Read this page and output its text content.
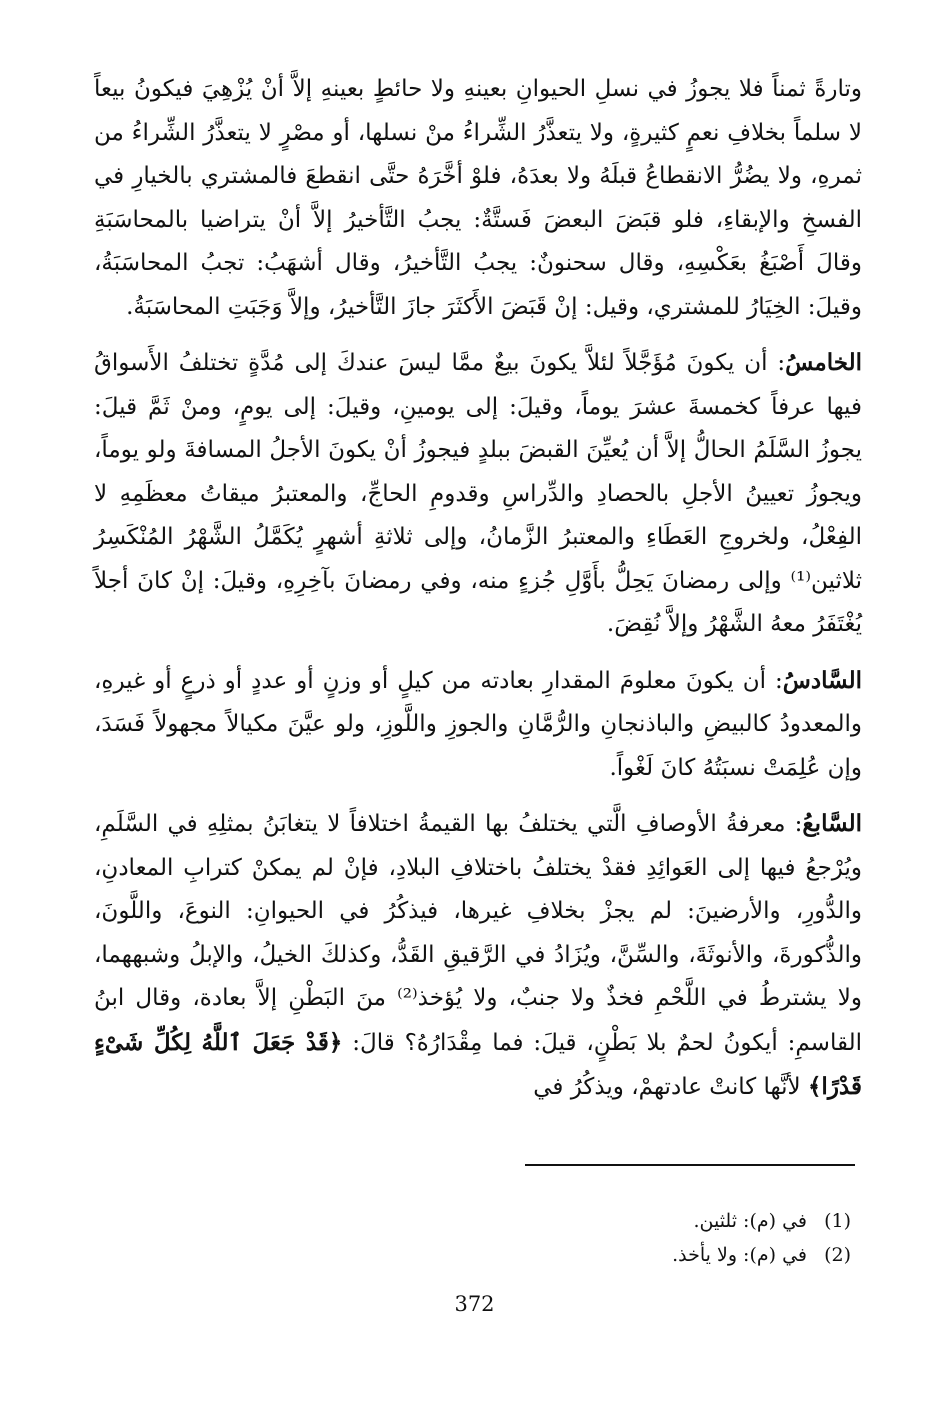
وتارةً ثمناً فلا يجوزُ في نسلِ الحيوانِ بعينهِ ولا حائطٍ بعينهِ إلاَّ أنْ يُزْهِيَ فيكونُ بيعاً لا سلماً بخلافِ نعمٍ كثيرةٍ، ولا يتعذَّرُ الشِّراءُ منْ نسلها، أو مصْرٍ لا يتعذَّرُ الشِّراءُ من ثمرهِ، ولا يضُرُّ الانقطاعُ قبلَهُ ولا بعدَهُ، فلوْ أخَّرَهُ حتَّى انقطعَ فالمشتري بالخيارِ في الفسخِ والإبقاءِ، فلو قبَضَ البعضَ فَستَّةٌ: يجبُ التَّأخيرُ إلاَّ أنْ يتراضيا بالمحاسَبَةِ وقالَ أَصْبَغُ بعَكْسِهِ، وقال سحنونٌ: يجبُ التَّأخيرُ، وقال أشهَبُ: تجبُ المحاسَبَةُ، وقيلَ: الخِيَارُ للمشتري، وقيل: إنْ قَبَضَ الأَكثَرَ جازَ التَّأخيرُ، وإلاَّ وَجَبَتِ المحاسَبَةُ.

الخامسُ: أن يكونَ مُؤَجَّلاً لئلاَّ يكونَ بيعٌ ممَّا ليسَ عندكَ إلى مُدَّةٍ تختلفُ الأَسواقُ فيها عرفاً كخمسةَ عشرَ يوماً، وقيلَ: إلى يومينِ، وقيلَ: إلى يومٍ، ومنْ ثَمَّ قيلَ: يجوزُ السَّلَمُ الحالُّ إلاَّ أن يُعيِّنَ القبضَ ببلدٍ فيجوزُ أنْ يكونَ الأجلُ المسافةَ ولو يوماً، ويجوزُ تعيينُ الأجلِ بالحصادِ والدِّراسِ وقدومِ الحاجِّ، والمعتبرُ ميقاتُ معظَمِهِ لا الفِعْلُ، ولخروجِ العَطَاءِ والمعتبرُ الزَّمانُ، وإلى ثلاثةِ أشهرٍ يُكَمَّلُ الشَّهْرُ المُنْكَسِرُ ثلاثين⁽¹⁾ وإلى رمضانَ يَحِلُّ بأَوَّلِ جُزءٍ منه، وفي رمضانَ بآخِرِهِ، وقيلَ: إنْ كانَ أجلاً يُغْتَفَرُ معهُ الشَّهْرُ وإلاَّ نُقِضَ.

السَّادسُ: أن يكونَ معلومَ المقدارِ بعادته من كيلٍ أو وزنٍ أو عددٍ أو ذرعٍ أو غيرهِ، والمعدودُ كالبيضِ والباذنجانِ والرُّمَّانِ والجوزِ واللَّوزِ، ولو عيَّنَ مكيالاً مجهولاً فَسَدَ، وإن عُلِمَتْ نسبَتُهُ كانَ لَغْواً.

السَّابعُ: معرفةُ الأوصافِ الَّتي يختلفُ بها القيمةُ اختلافاً لا يتغابَنُ بمثلِهِ في السَّلَمِ، ويُرْجعُ فيها إلى العَوائِدِ فقدْ يختلفُ باختلافِ البلادِ، فإنْ لم يمكنْ كترابِ المعادنِ، والدُّورِ، والأرضينَ: لم يجزْ بخلافِ غيرها، فيذكُرُ في الحيوانِ: النوعَ، واللَّونَ، والذُّكورةَ، والأنوثَةَ، والسِّنَّ، ويُزَادُ في الرَّقيقِ القَدُّ، وكذلكَ الخيلُ، والإبلُ وشبههما، ولا يشترطُ في اللَّحْمِ فخذٌ ولا جنبٌ، ولا يُؤخذ⁽²⁾ منَ البَطْنِ إلاَّ بعادة، وقال ابنُ القاسمِ: أيكونُ لحمٌ بلا بَطْنٍ، قيلَ: فما مِقْدَارُهُ؟ قالَ: ﴿قَدْ جَعَلَ ٱللَّهُ لِكُلِّ شَىْءٍ قَدْرًا﴾ لأنَّها كانتْ عادتهمْ، ويذكُرُ في

(1)في (م): ثلثين.
(2)في (م): ولا يأخذ.
372
